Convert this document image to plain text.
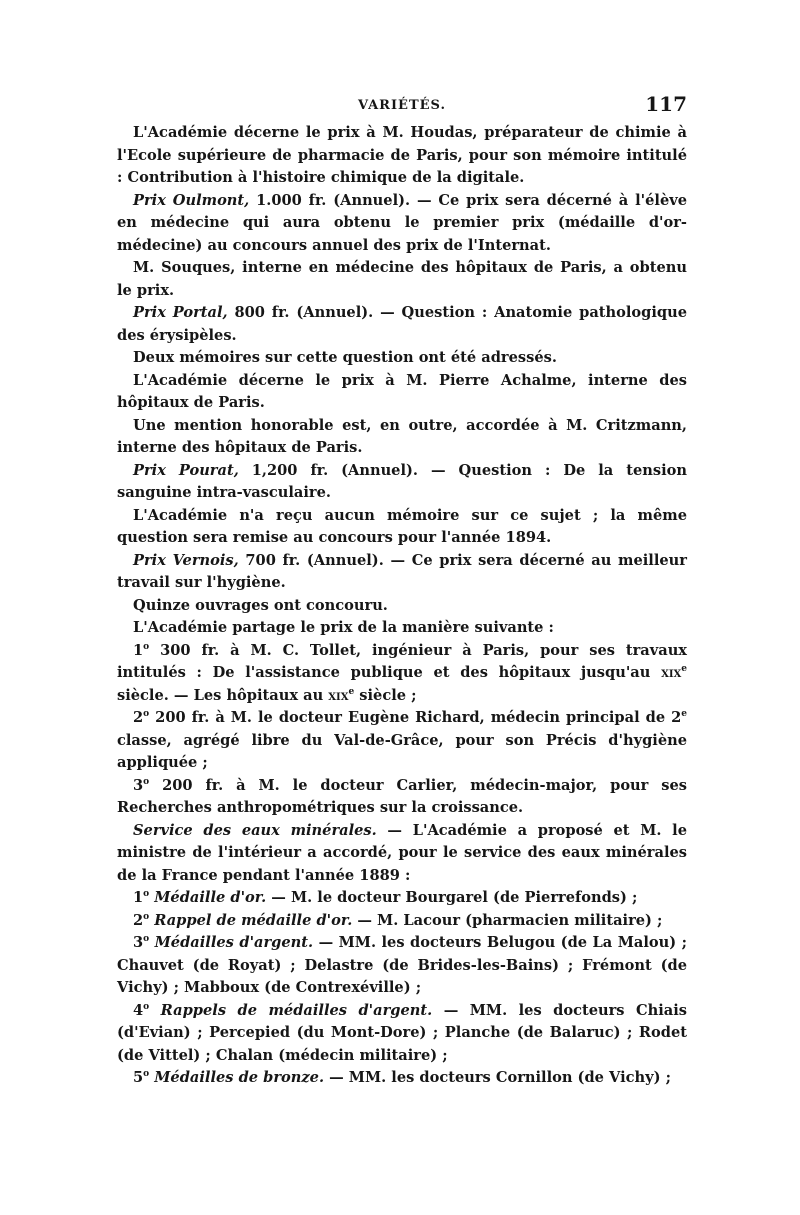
VARIÉTÉS.	117

L'Académie décerne le prix à M. Houdas, préparateur de chimie à l'Ecole supérieure de pharmacie de Paris, pour son mémoire intitulé : Contribution à l'histoire chimique de la digitale.

Prix Oulmont, 1.000 fr. (Annuel). — Ce prix sera décerné à l'élève en médecine qui aura obtenu le premier prix (médaille d'or-médecine) au concours annuel des prix de l'Internat.

M. Souques, interne en médecine des hôpitaux de Paris, a obtenu le prix.

Prix Portal, 800 fr. (Annuel). — Question : Anatomie pathologique des érysipèles.

Deux mémoires sur cette question ont été adressés.

L'Académie décerne le prix à M. Pierre Achalme, interne des hôpitaux de Paris.

Une mention honorable est, en outre, accordée à M. Critzmann, interne des hôpitaux de Paris.

Prix Pourat, 1,200 fr. (Annuel). — Question : De la tension sanguine intra-vasculaire.

L'Académie n'a reçu aucun mémoire sur ce sujet ; la même question sera remise au concours pour l'année 1894.

Prix Vernois, 700 fr. (Annuel). — Ce prix sera décerné au meilleur travail sur l'hygiène.

Quinze ouvrages ont concouru.

L'Académie partage le prix de la manière suivante :

1$^o$ 300 fr. à M. C. Tollet, ingénieur à Paris, pour ses travaux intitulés : De l'assistance publique et des hôpitaux jusqu'au xix$^e$ siècle. — Les hôpitaux au xix$^e$ siècle ;

2$^o$ 200 fr. à M. le docteur Eugène Richard, médecin principal de 2e classe, agrégé libre du Val-de-Grâce, pour son Précis d'hygiène appliquée ;

3$^o$ 200 fr. à M. le docteur Carlier, médecin-major, pour ses Recherches anthropométriques sur la croissance.

Service des eaux minérales. — L'Académie a proposé et M. le ministre de l'intérieur a accordé, pour le service des eaux minérales de la France pendant l'année 1889 :

1$^o$ Médaille d'or. — M. le docteur Bourgarel (de Pierrefonds) ;

2$^o$ Rappel de médaille d'or. — M. Lacour (pharmacien militaire) ;

3$^o$ Médailles d'argent. — MM. les docteurs Belugou (de La Malou) ; Chauvet (de Royat) ; Delastre (de Brides-les-Bains) ; Frémont (de Vichy) ; Mabboux (de Contrexéville) ;

4$^o$ Rappels de médailles d'argent. — MM. les docteurs Chiais (d'Evian) ; Percepied (du Mont-Dore) ; Planche (de Balaruc) ; Rodet (de Vittel) ; Chalan (médecin militaire) ;

5$^o$ Médailles de bronze. — MM. les docteurs Cornillon (de Vichy) ;
